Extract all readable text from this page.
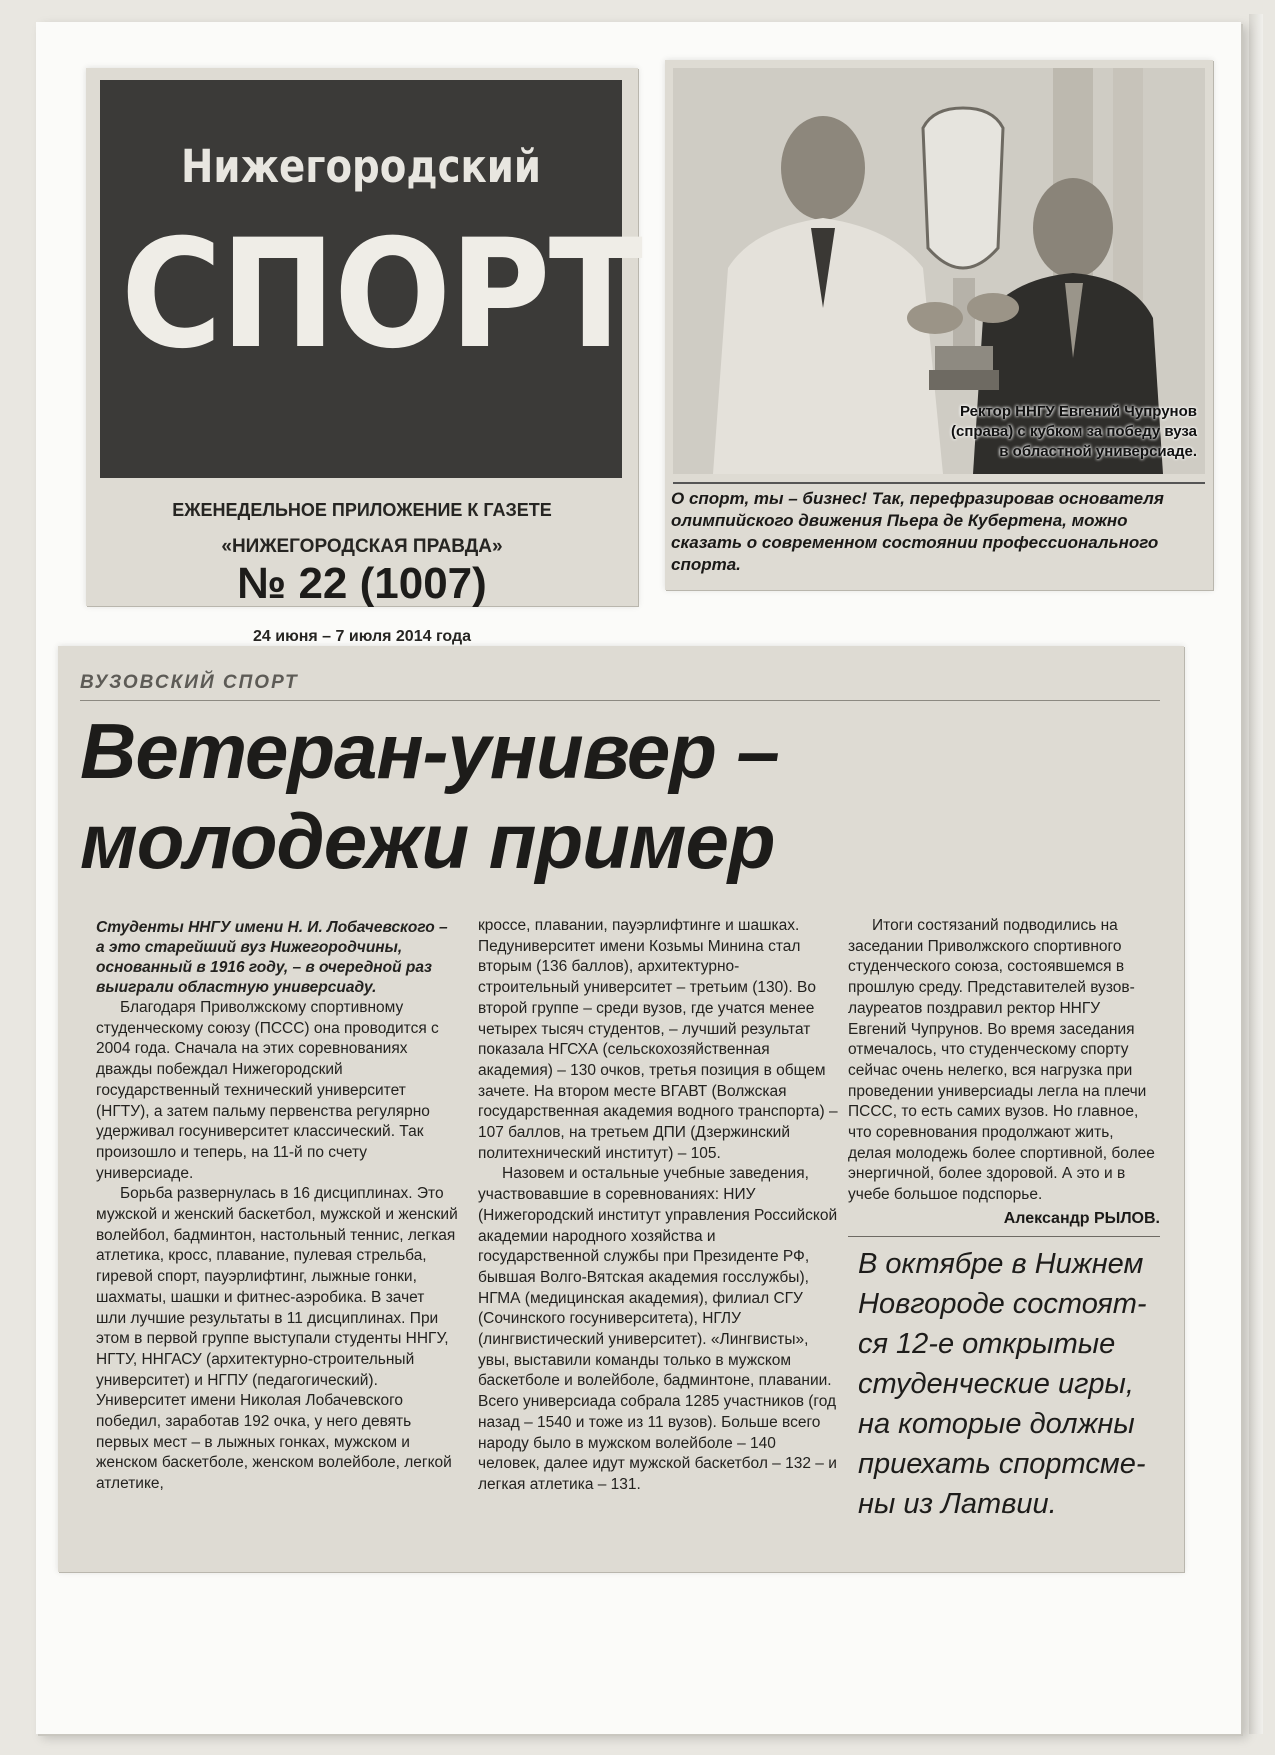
Нижегородский
СПОРТ
ЕЖЕНЕДЕЛЬНОЕ ПРИЛОЖЕНИЕ К ГАЗЕТЕ
«НИЖЕГОРОДСКАЯ ПРАВДА»
№ 22 (1007)
24 июня – 7 июля 2014 года
Ректор ННГУ Евгений Чупрунов
(справа) с кубком за победу вуза
в областной универсиаде.
О спорт, ты – бизнес! Так, перефразировав основателя олимпийского движения Пьера де Кубертена, можно сказать о современном состоянии профессионального спорта.
ВУЗОВСКИЙ СПОРТ
Ветеран-универ –
молодежи пример

Студенты ННГУ имени Н. И. Лобачевского – а это старейший вуз Нижегородчины, основанный в 1916 году, – в очередной раз выиграли областную универсиаду.

Благодаря Приволжскому спортивному студенческому союзу (ПССС) она проводится с 2004 года. Сначала на этих соревнованиях дважды побеждал Нижегородский государственный технический университет (НГТУ), а затем пальму первенства регулярно удерживал госуниверситет классический. Так произошло и теперь, на 11-й по счету универсиаде.

Борьба развернулась в 16 дисциплинах. Это мужской и женский баскетбол, мужской и женский волейбол, бадминтон, настольный теннис, легкая атлетика, кросс, плавание, пулевая стрельба, гиревой спорт, пауэрлифтинг, лыжные гонки, шахматы, шашки и фитнес-аэробика. В зачет шли лучшие результаты в 11 дисциплинах. При этом в первой группе выступали студенты ННГУ, НГТУ, ННГАСУ (архитектурно-строительный университет) и НГПУ (педагогический). Университет имени Николая Лобачевского победил, заработав 192 очка, у него девять первых мест – в лыжных гонках, мужском и женском баскетболе, женском волейболе, легкой атлетике,

кроссе, плавании, пауэрлифтинге и шашках. Педуниверситет имени Козьмы Минина стал вторым (136 баллов), архитектурно-строительный университет – третьим (130). Во второй группе – среди вузов, где учатся менее четырех тысяч студентов, – лучший результат показала НГСХА (сельскохозяйственная академия) – 130 очков, третья позиция в общем зачете. На втором месте ВГАВТ (Волжская государственная академия водного транспорта) – 107 баллов, на третьем ДПИ (Дзержинский политехнический институт) – 105.

Назовем и остальные учебные заведения, участвовавшие в соревнованиях: НИУ (Нижегородский институт управления Российской академии народного хозяйства и государственной службы при Президенте РФ, бывшая Волго-Вятская академия госслужбы), НГМА (медицинская академия), филиал СГУ (Сочинского госуниверситета), НГЛУ (лингвистический университет). «Лингвисты», увы, выставили команды только в мужском баскетболе и волейболе, бадминтоне, плавании. Всего универсиада собрала 1285 участников (год назад – 1540 и тоже из 11 вузов). Больше всего народу было в мужском волейболе – 140 человек, далее идут мужской баскетбол – 132 – и легкая атлетика – 131.

Итоги состязаний подводились на заседании Приволжского спортивного студенческого союза, состоявшемся в прошлую среду. Представителей вузов-лауреатов поздравил ректор ННГУ Евгений Чупрунов. Во время заседания отмечалось, что студенческому спорту сейчас очень нелегко, вся нагрузка при проведении универсиады легла на плечи ПССС, то есть самих вузов. Но главное, что соревнования продолжают жить, делая молодежь более спортивной, более энергичной, более здоровой. А это и в учебе большое подспорье.

Александр РЫЛОВ.
В октябре в Нижнем Новгороде состоят-ся 12-е открытые студенческие игры, на которые должны приехать спортсме-ны из Латвии.
